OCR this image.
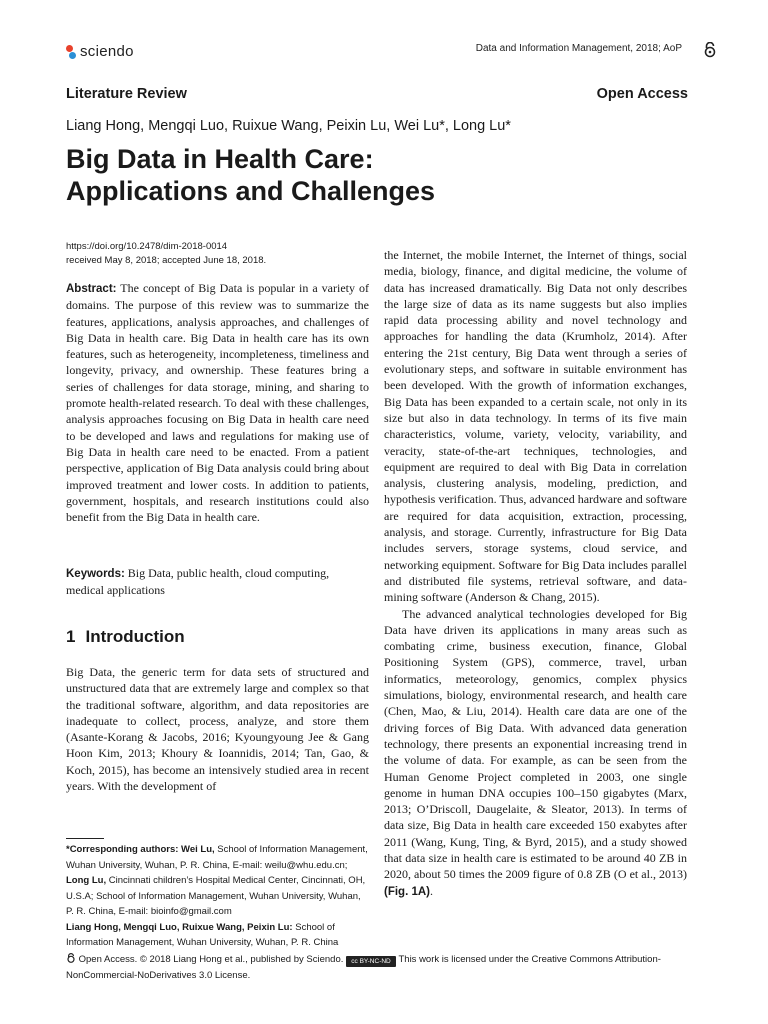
sciendo	Data and Information Management, 2018; AoP
Literature Review	Open Access
Liang Hong, Mengqi Luo, Ruixue Wang, Peixin Lu, Wei Lu*, Long Lu*
Big Data in Health Care:
Applications and Challenges
https://doi.org/10.2478/dim-2018-0014
received May 8, 2018; accepted June 18, 2018.

Abstract: The concept of Big Data is popular in a variety of domains. The purpose of this review was to summarize the features, applications, analysis approaches, and challenges of Big Data in health care. Big Data in health care has its own features, such as heterogeneity, incompleteness, timeliness and longevity, privacy, and ownership. These features bring a series of challenges for data storage, mining, and sharing to promote health-related research. To deal with these challenges, analysis approaches focusing on Big Data in health care need to be developed and laws and regulations for making use of Big Data in health care need to be enacted. From a patient perspective, application of Big Data analysis could bring about improved treatment and lower costs. In addition to patients, government, hospitals, and research institutions could also benefit from the Big Data in health care.

Keywords: Big Data, public health, cloud computing, medical applications

1 Introduction

Big Data, the generic term for data sets of structured and unstructured data that are extremely large and complex so that the traditional software, algorithm, and data repositories are inadequate to collect, process, analyze, and store them (Asante-Korang & Jacobs, 2016; Kyoungyoung Jee & Gang Hoon Kim, 2013; Khoury & Ioannidis, 2014; Tan, Gao, & Koch, 2015), has become an intensively studied area in recent years. With the development of

the Internet, the mobile Internet, the Internet of things, social media, biology, finance, and digital medicine, the volume of data has increased dramatically. Big Data not only describes the large size of data as its name suggests but also implies rapid data processing ability and novel technology and approaches for handling the data (Krumholz, 2014). After entering the 21st century, Big Data went through a series of evolutionary steps, and software in suitable environment has been developed. With the growth of information exchanges, Big Data has been expanded to a certain scale, not only in its size but also in data technology. In terms of its five main characteristics, volume, variety, velocity, variability, and veracity, state-of-the-art techniques, technologies, and equipment are required to deal with Big Data in correlation analysis, clustering analysis, modeling, prediction, and hypothesis verification. Thus, advanced hardware and software are required for data acquisition, extraction, processing, analysis, and storage. Currently, infrastructure for Big Data includes servers, storage systems, cloud service, and networking equipment. Software for Big Data includes parallel and distributed file systems, retrieval software, and data-mining software (Anderson & Chang, 2015).

The advanced analytical technologies developed for Big Data have driven its applications in many areas such as combating crime, business execution, finance, Global Positioning System (GPS), commerce, travel, urban informatics, meteorology, genomics, complex physics simulations, biology, environmental research, and health care (Chen, Mao, & Liu, 2014). Health care data are one of the driving forces of Big Data. With advanced data generation technology, there presents an exponential increasing trend in the volume of data. For example, as can be seen from the Human Genome Project completed in 2003, one single genome in human DNA occupies 100–150 gigabytes (Marx, 2013; O’Driscoll, Daugelaite, & Sleator, 2013). In terms of data size, Big Data in health care exceeded 150 exabytes after 2011 (Wang, Kung, Ting, & Byrd, 2015), and a study showed that data size in health care is estimated to be around 40 ZB in 2020, about 50 times the 2009 figure of 0.8 ZB (O et al., 2013) (Fig. 1A).

*Corresponding authors: Wei Lu, School of Information Management, Wuhan University, Wuhan, P. R. China, E-mail: weilu@whu.edu.cn; Long Lu, Cincinnati children’s Hospital Medical Center, Cincinnati, OH, U.S.A; School of Information Management, Wuhan University, Wuhan, P. R. China, E-mail: bioinfo@gmail.com
Liang Hong, Mengqi Luo, Ruixue Wang, Peixin Lu: School of Information Management, Wuhan University, Wuhan, P. R. China
Open Access. © 2018 Liang Hong et al., published by Sciendo. cc BY-NC-ND This work is licensed under the Creative Commons Attribution-NonCommercial-NoDerivatives 3.0 License.
